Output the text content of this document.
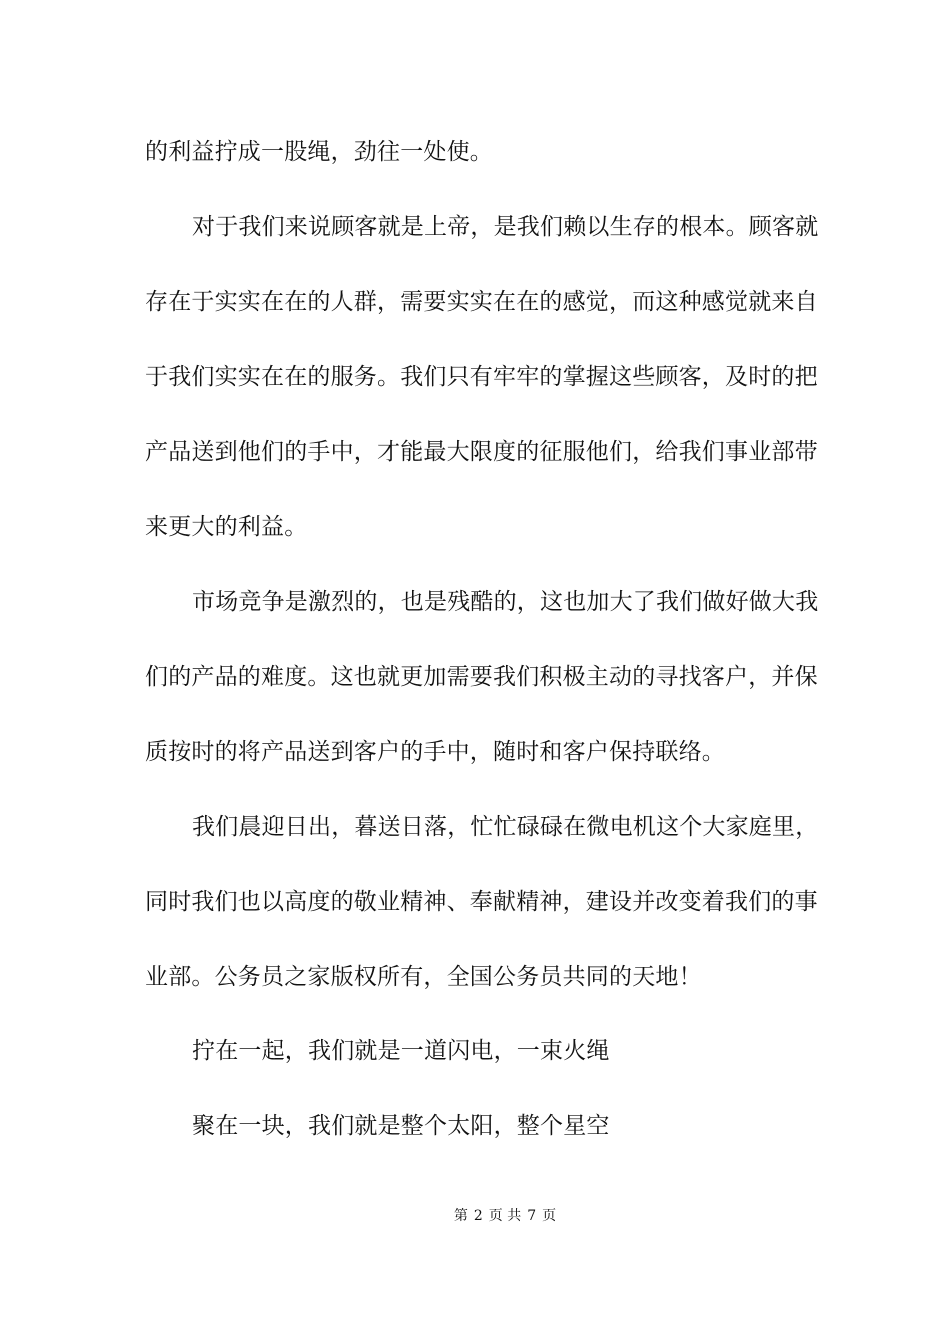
的利益拧成一股绳，劲往一处使。
对于我们来说顾客就是上帝，是我们赖以生存的根本。顾客就
存在于实实在在的人群，需要实实在在的感觉，而这种感觉就来自
于我们实实在在的服务。我们只有牢牢的掌握这些顾客，及时的把
产品送到他们的手中，才能最大限度的征服他们，给我们事业部带
来更大的利益。
市场竞争是激烈的，也是残酷的，这也加大了我们做好做大我
们的产品的难度。这也就更加需要我们积极主动的寻找客户，并保
质按时的将产品送到客户的手中，随时和客户保持联络。
我们晨迎日出，暮送日落，忙忙碌碌在微电机这个大家庭里，
同时我们也以高度的敬业精神、奉献精神，建设并改变着我们的事
业部。公务员之家版权所有，全国公务员共同的天地！
拧在一起，我们就是一道闪电，一束火绳
聚在一块，我们就是整个太阳，整个星空
第 2 页 共 7 页
